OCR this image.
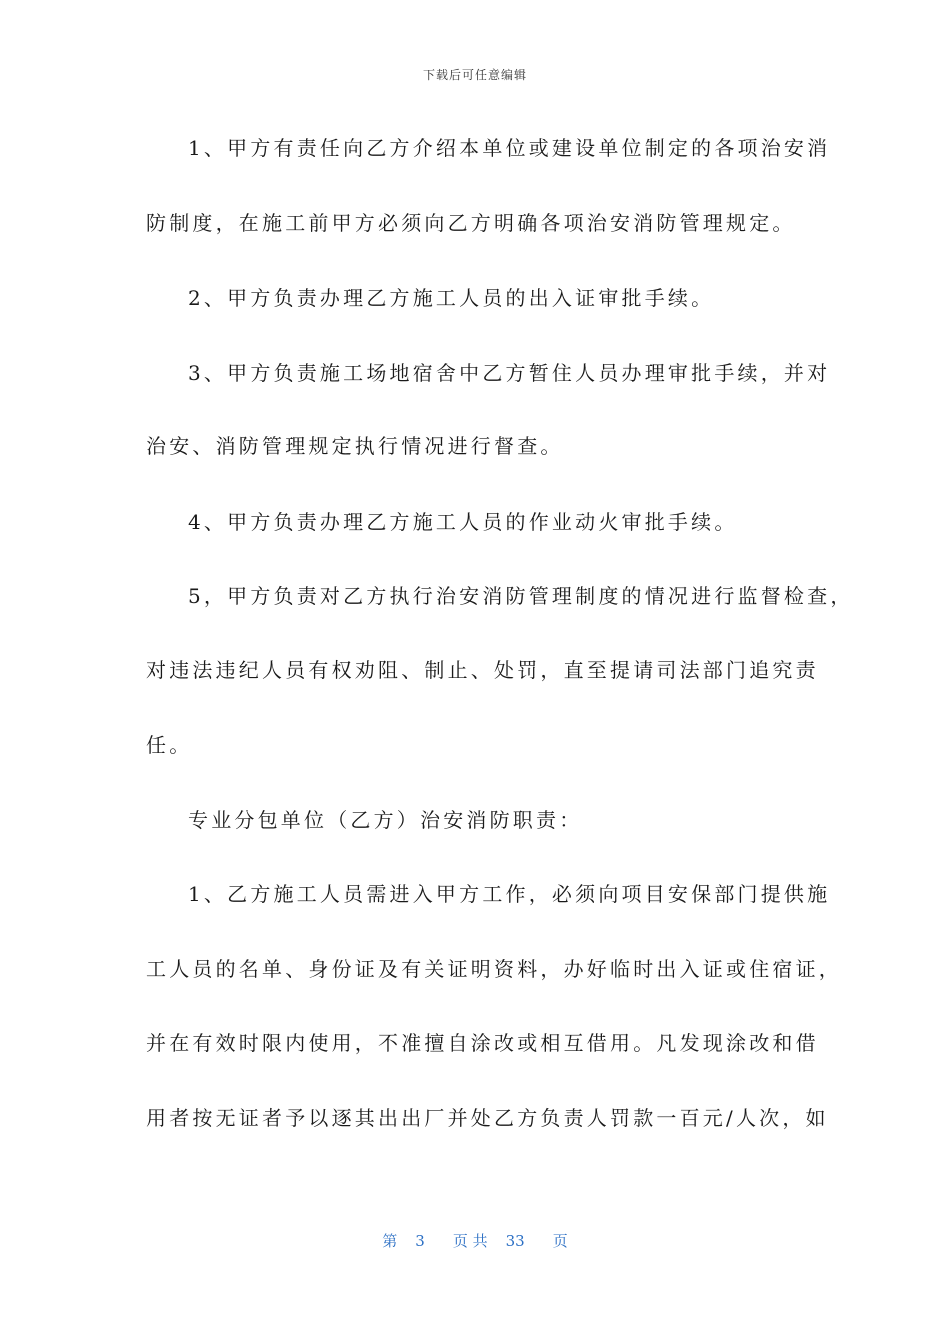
下载后可任意编辑
1、甲方有责任向乙方介绍本单位或建设单位制定的各项治安消
防制度，在施工前甲方必须向乙方明确各项治安消防管理规定。
2、甲方负责办理乙方施工人员的出入证审批手续。
3、甲方负责施工场地宿舍中乙方暂住人员办理审批手续，并对
治安、消防管理规定执行情况进行督查。
4、甲方负责办理乙方施工人员的作业动火审批手续。
5，甲方负责对乙方执行治安消防管理制度的情况进行监督检查，
对违法违纪人员有权劝阻、制止、处罚，直至提请司法部门追究责
任。
专业分包单位（乙方）治安消防职责：
1、乙方施工人员需进入甲方工作，必须向项目安保部门提供施
工人员的名单、身份证及有关证明资料，办好临时出入证或住宿证，
并在有效时限内使用，不准擅自涂改或相互借用。凡发现涂改和借
用者按无证者予以逐其出出厂并处乙方负责人罚款一百元/人次，如
第 3 页 共 33 页
